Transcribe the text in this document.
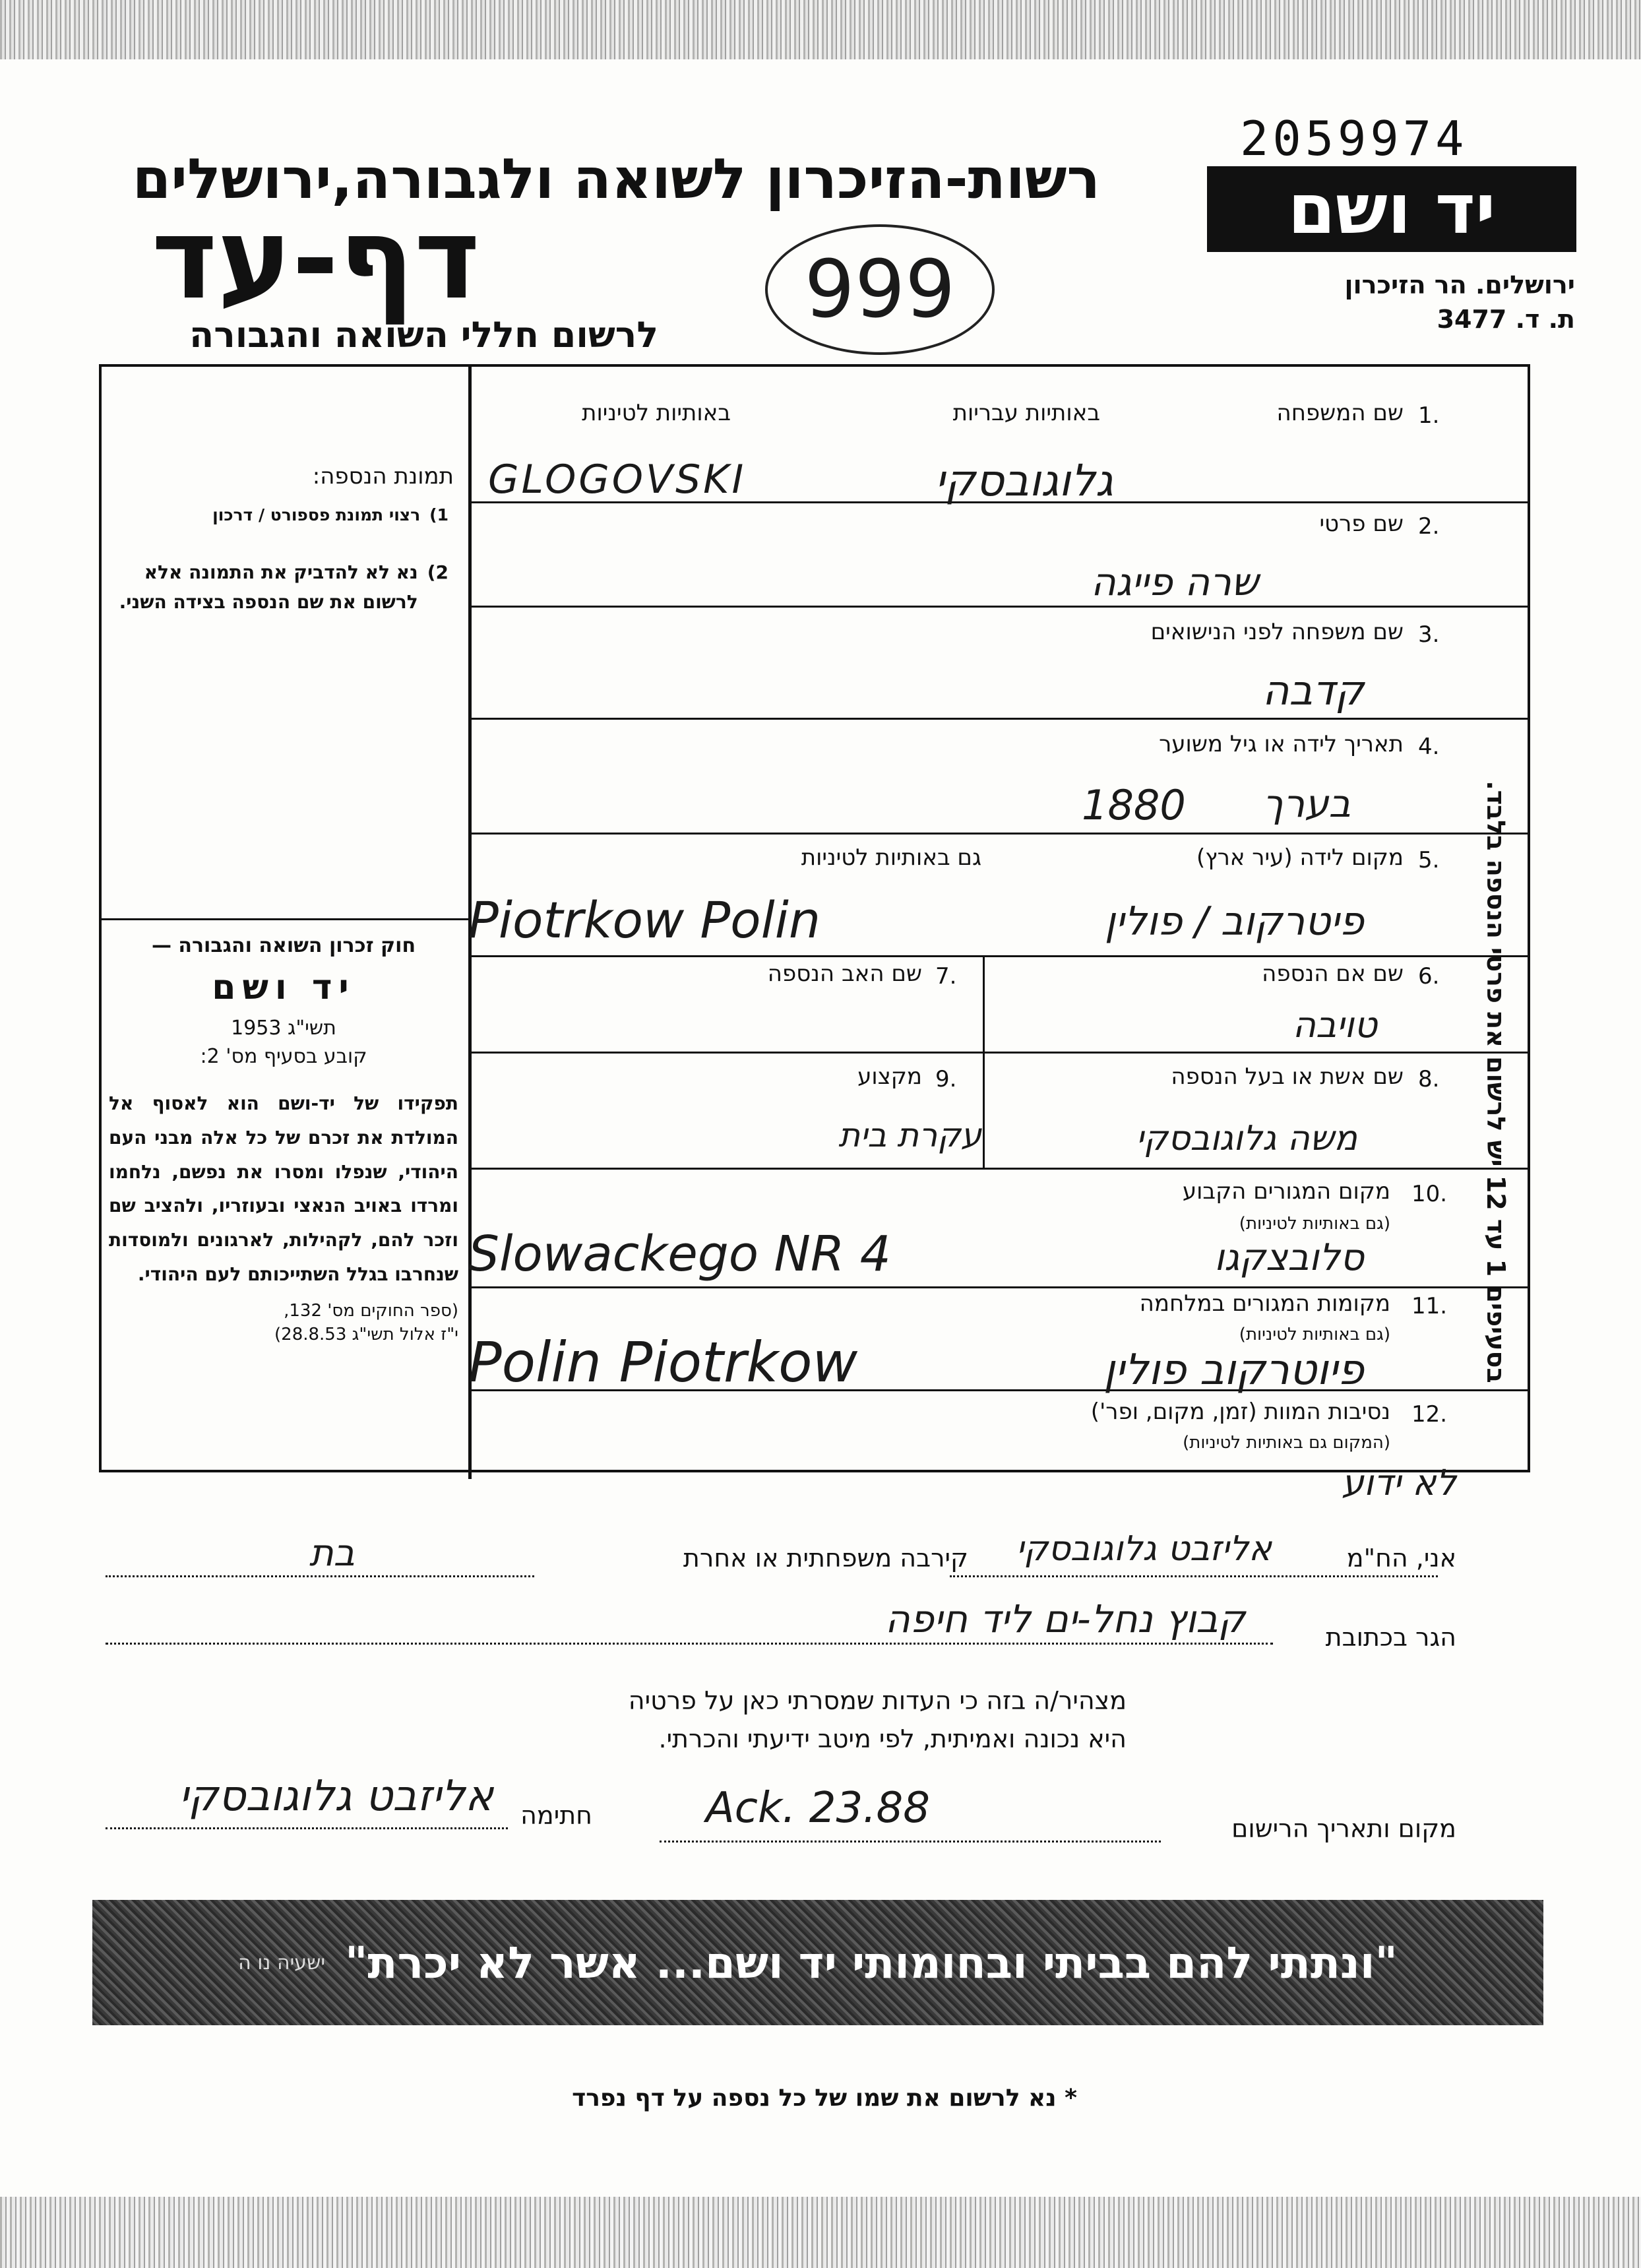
2059974
יד ושם
ירושלים. הר הזיכרון
ת. ד. 3477
רשות-הזיכרון לשואה ולגבורה,ירושלים
דף-עד
לרשום חללי השואה והגבורה 999
תמונת הנספה:
1)
רצוי תמונת פספורט / דרכון
2)
נא לא להדביק את התמונה אלא לרשום את שם הנספה בצידה השני.
חוק זכרון השואה והגבורה —
יד ושם
תשי"ג 1953
קובע בסעיף מס' 2:
תפקידו של יד-ושם הוא לאסוף אל המולדת את זכרם של כל אלה מבני העם היהודי, שנפלו ומסרו את נפשם, נלחמו ומרדו באויב הנאצי ובעוזריו, ולהציב שם וזכר להם, לקהילות, לארגונים ולמוסדות שנחרבו בגלל השתייכותם לעם היהודי.
(ספר החוקים מס' 132,
י"ז אלול תשי"ג 28.8.53)
בסעיפים 1 עד 12 יש לרשום את פרטי הנספה בלבד.
באותיות עבריות
באותיות לטיניות	1.
שם המשפחה
גלוגובסקי
GLOGOVSKI
2.
שם פרטי
שרה פייגה
3.
שם משפחה לפני הנישואים
קדבה
4.
תאריך לידה או גיל משוער
בערך
1880
5.
מקום לידה (עיר ארץ)
גם באותיות לטיניות
פיטרקוב / פולין
Piotrkow Polin
6.
שם אם הנספה
טויבה
7.
שם האב הנספה
8.
שם אשת או בעל הנספה
משה גלוגובסקי
9.
מקצוע
עקרת בית
10.
מקום המגורים הקבוע
(גם באותיות לטיניות)
סלובצקגו
Slowackego NR 4
11.
מקומות המגורים במלחמה
(גם באותיות לטיניות)
פיוטרקוב פולין
Polin Piotrkow
12.
נסיבות המוות (זמן, מקום, ופר')
(המקום גם באותיות לטיניות)
לא ידוע
אני, הח"מ
אליזבט גלוגובסקי
קירבה משפחתית או אחרת
בת
הגר בכתובת
קבוץ נחל-ים ליד חיפה
מצהיר/ה בזה כי העדות שמסרתי כאן על פרטיה
היא נכונה ואמיתית, לפי מיטב ידיעתי והכרתי.
חתימה
אליזבט גלוגובסקי
מקום ותאריך הרישום
Ack. 23.88
"ונתתי להם בביתי ובחומותי יד ושם... אשר לא יכרת"
ישעיה נו ה
* נא לרשום את שמו של כל נספה על דף נפרד
